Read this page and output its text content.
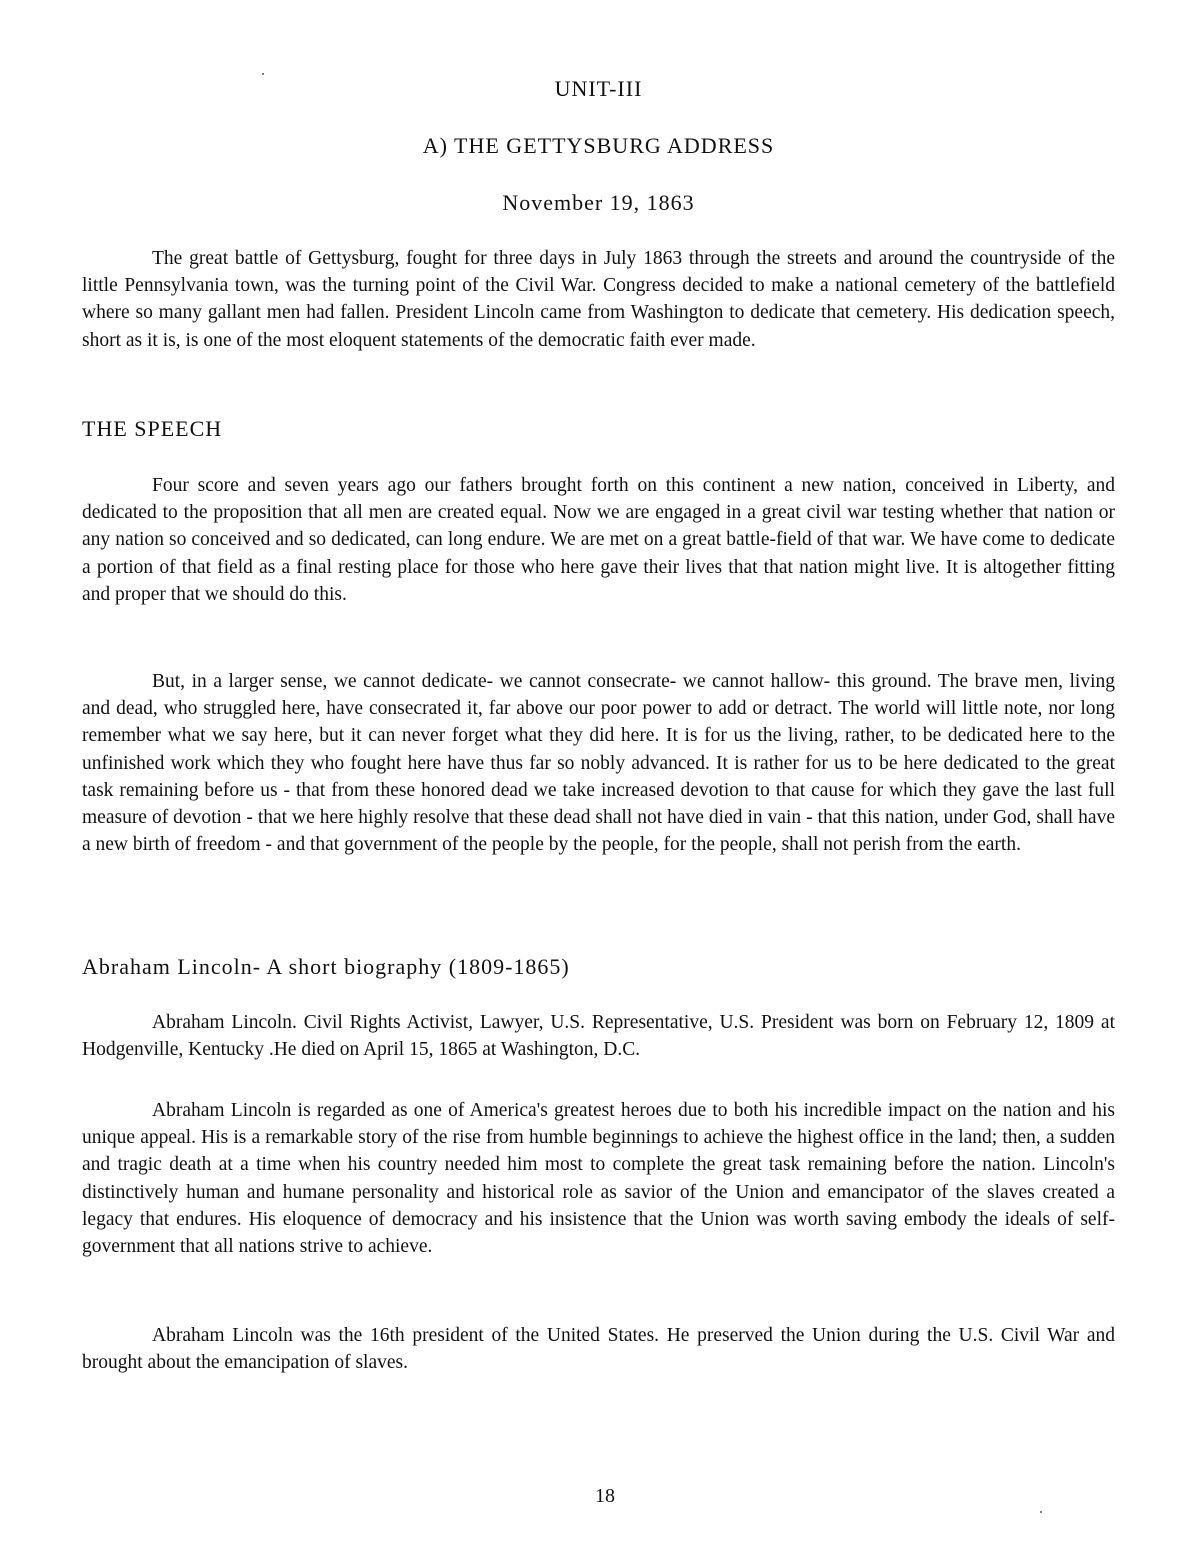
UNIT-III
A) THE GETTYSBURG ADDRESS
November 19, 1863

The great battle of Gettysburg, fought for three days in July 1863 through the streets and around the countryside of the little Pennsylvania town, was the turning point of the Civil War. Congress decided to make a national cemetery of the battlefield where so many gallant men had fallen. President Lincoln came from Washington to dedicate that cemetery. His dedication speech, short as it is, is one of the most eloquent statements of the democratic faith ever made.

THE SPEECH

Four score and seven years ago our fathers brought forth on this continent a new nation, conceived in Liberty, and dedicated to the proposition that all men are created equal. Now we are engaged in a great civil war testing whether that nation or any nation so conceived and so dedicated, can long endure. We are met on a great battle-field of that war. We have come to dedicate a portion of that field as a final resting place for those who here gave their lives that that nation might live. It is altogether fitting and proper that we should do this.

But, in a larger sense, we cannot dedicate- we cannot consecrate- we cannot hallow- this ground. The brave men, living and dead, who struggled here, have consecrated it, far above our poor power to add or detract. The world will little note, nor long remember what we say here, but it can never forget what they did here. It is for us the living, rather, to be dedicated here to the unfinished work which they who fought here have thus far so nobly advanced. It is rather for us to be here dedicated to the great task remaining before us - that from these honored dead we take increased devotion to that cause for which they gave the last full measure of devotion - that we here highly resolve that these dead shall not have died in vain - that this nation, under God, shall have a new birth of freedom - and that government of the people by the people, for the people, shall not perish from the earth.

Abraham Lincoln- A short biography (1809-1865)

Abraham Lincoln. Civil Rights Activist, Lawyer, U.S. Representative, U.S. President was born on February 12, 1809 at Hodgenville, Kentucky .He died on April 15, 1865 at Washington, D.C.

Abraham Lincoln is regarded as one of America's greatest heroes due to both his incredible impact on the nation and his unique appeal. His is a remarkable story of the rise from humble beginnings to achieve the highest office in the land; then, a sudden and tragic death at a time when his country needed him most to complete the great task remaining before the nation. Lincoln's distinctively human and humane personality and historical role as savior of the Union and emancipator of the slaves created a legacy that endures. His eloquence of democracy and his insistence that the Union was worth saving embody the ideals of self-government that all nations strive to achieve.

Abraham Lincoln was the 16th president of the United States. He preserved the Union during the U.S. Civil War and brought about the emancipation of slaves.

18
